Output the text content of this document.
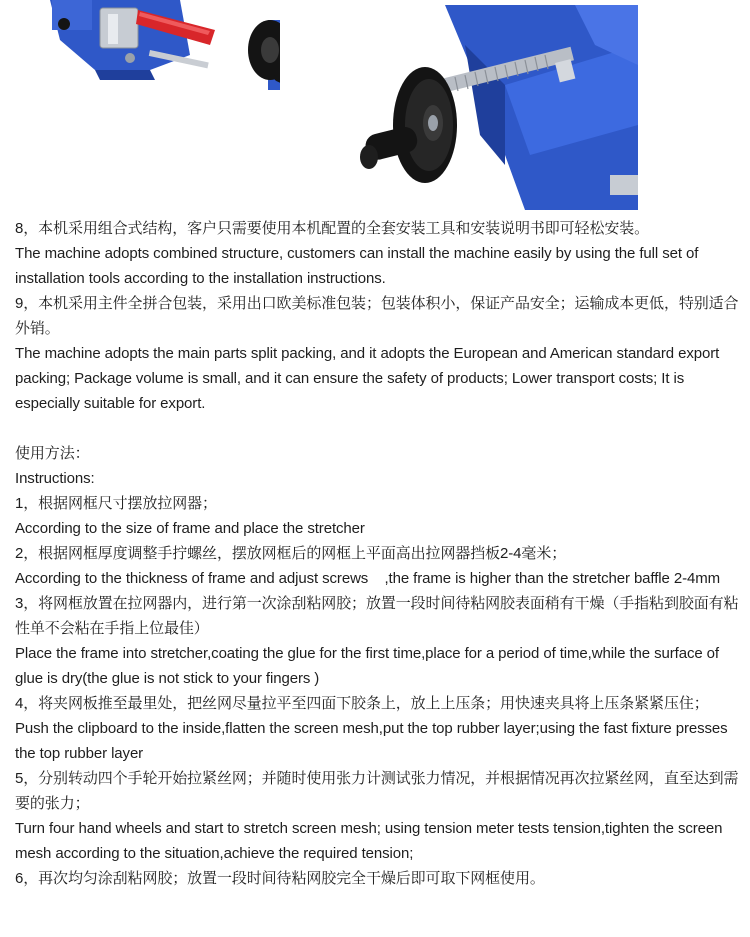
8，本机采用组合式结构，客户只需要使用本机配置的全套安装工具和安装说明书即可轻松安装。

The machine adopts combined structure, customers can install the machine easily by using the full set of installation tools according to the installation instructions.

9，本机采用主件全拼合包装，采用出口欧美标准包装；包装体积小，保证产品安全；运输成本更低，特别适合外销。

The machine adopts the main parts split packing, and it adopts the European and American standard export packing; Package volume is small, and it can ensure the safety of products; Lower transport costs; It is especially suitable for export.

使用方法：

Instructions:

1，根据网框尺寸摆放拉网器；

According to the size of frame and place the stretcher

2，根据网框厚度调整手拧螺丝，摆放网框后的网框上平面高出拉网器挡板2-4毫米；

According to the thickness of frame and adjust screws    ,the frame is higher than the stretcher baffle 2-4mm

3，将网框放置在拉网器内，进行第一次涂刮粘网胶；放置一段时间待粘网胶表面稍有干燥（手指粘到胶面有粘性单不会粘在手指上位最佳）

Place the frame into stretcher,coating the glue for the first time,place for a period of time,while the surface of glue is dry(the glue is not stick to your fingers )

4，将夹网板推至最里处，把丝网尽量拉平至四面下胶条上，放上上压条；用快速夹具将上压条紧紧压住；

Push the clipboard to the inside,flatten the screen mesh,put the top rubber layer;using the fast fixture presses the top rubber layer

5，分别转动四个手轮开始拉紧丝网；并随时使用张力计测试张力情况，并根据情况再次拉紧丝网，直至达到需要的张力；

Turn four hand wheels and start to stretch screen mesh; using tension meter tests tension,tighten the screen mesh according to the situation,achieve the required tension;

6，再次均匀涂刮粘网胶；放置一段时间待粘网胶完全干燥后即可取下网框使用。
